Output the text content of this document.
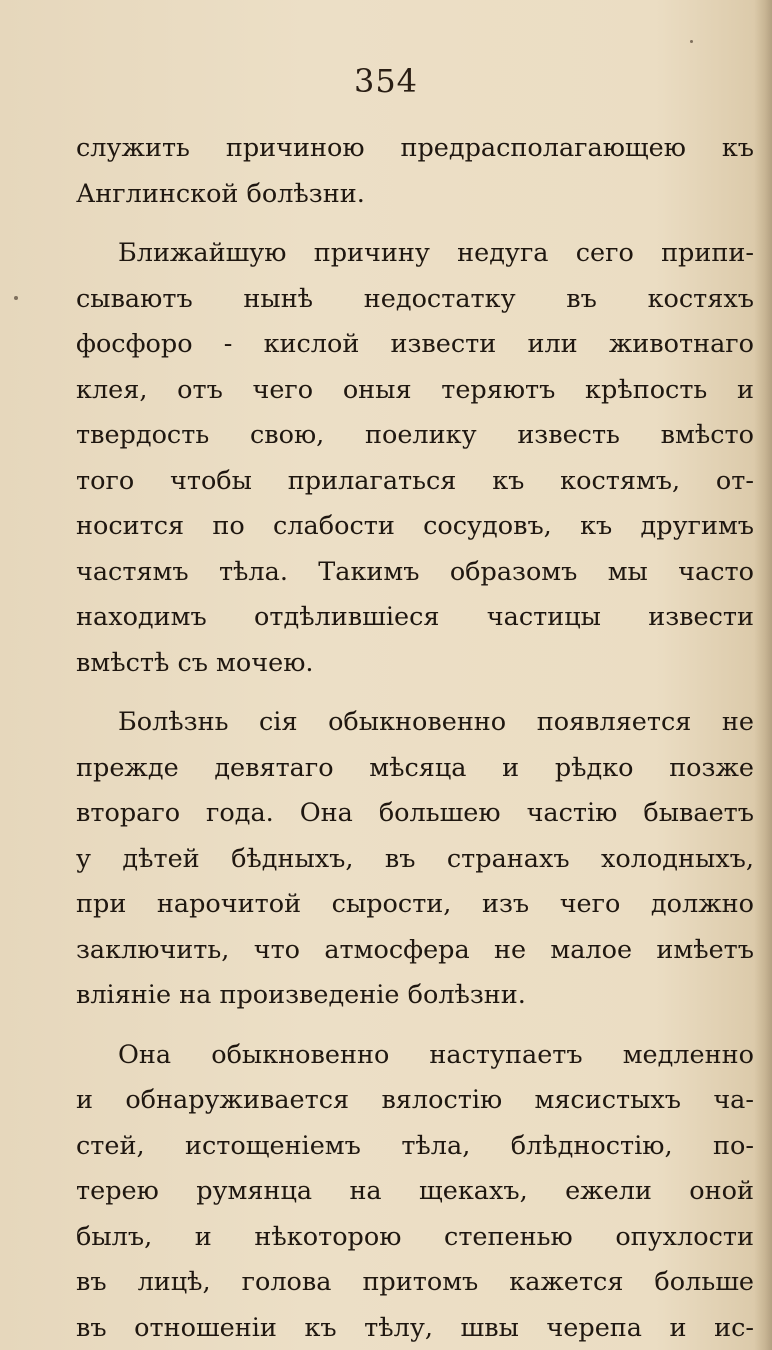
354
служить причиною предрасполагающею къ
Англинской болѣзни.
Ближайшую причину недуга сего припи-
сываютъ нынѣ недостатку въ костяхъ
фосфоро - кислой извести или животнаго
клея, отъ чего оныя теряютъ крѣпость и
твердость свою, поелику известь вмѣсто
того чтобы прилагаться къ костямъ, от-
носится по слабости сосудовъ, къ другимъ
частямъ тѣла. Такимъ образомъ мы часто
находимъ отдѣлившіеся частицы извести
вмѣстѣ съ мочею.
Болѣзнь сія обыкновенно появляется не
прежде девятаго мѣсяца и рѣдко позже
втораго года. Она большею частію бываетъ
у дѣтей бѣдныхъ, въ странахъ холодныхъ,
при нарочитой сырости, изъ чего должно
заключить, что атмосфера не малое имѣетъ
вліяніе на произведеніе болѣзни.
Она обыкновенно наступаетъ медленно
и обнаруживается вялостію мясистыхъ ча-
стей, истощеніемъ тѣла, блѣдностію, по-
терею румянца на щекахъ, ежели оной
былъ, и нѣкоторою степенью опухлости
въ лицѣ, голова притомъ кажется больше
въ отношеніи къ тѣлу, швы черепа и ис-
